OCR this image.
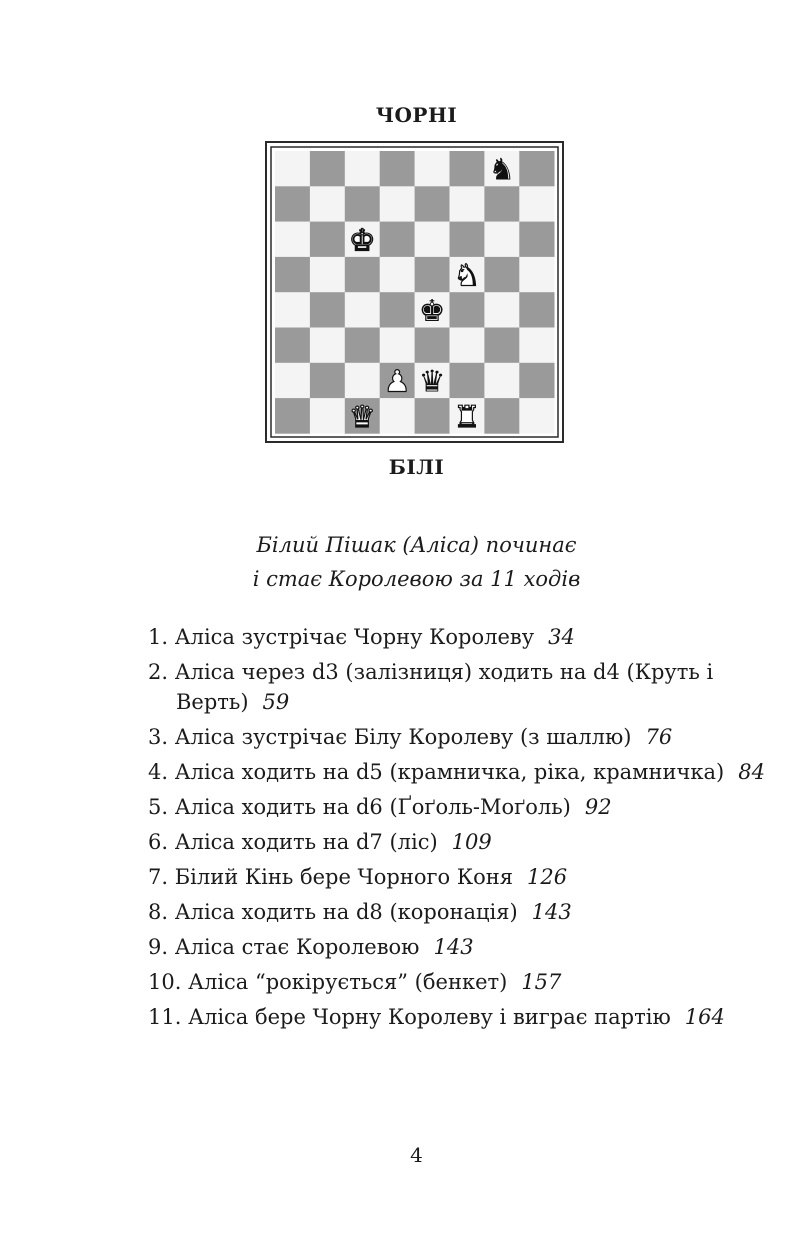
ЧОРНІ
♞
♚
♞
♚
♟ ♛
♛	♜
БІЛІ
Білий Пішак (Аліса) починає
і стає Королевою за 11 ходів
1. Аліса зустрічає Чорну Королеву 34
2. Аліса через d3 (залізниця) ходить на d4 (Круть і Верть) 59
3. Аліса зустрічає Білу Королеву (з шаллю) 76
4. Аліса ходить на d5 (крамничка, ріка, крамничка) 84
5. Аліса ходить на d6 (Ґоґоль-Моґоль) 92
6. Аліса ходить на d7 (ліс) 109
7. Білий Кінь бере Чорного Коня 126
8. Аліса ходить на d8 (коронація) 143
9. Аліса стає Королевою 143
10. Аліса “рокірується” (бенкет) 157
11. Аліса бере Чорну Королеву і виграє партію 164
4
